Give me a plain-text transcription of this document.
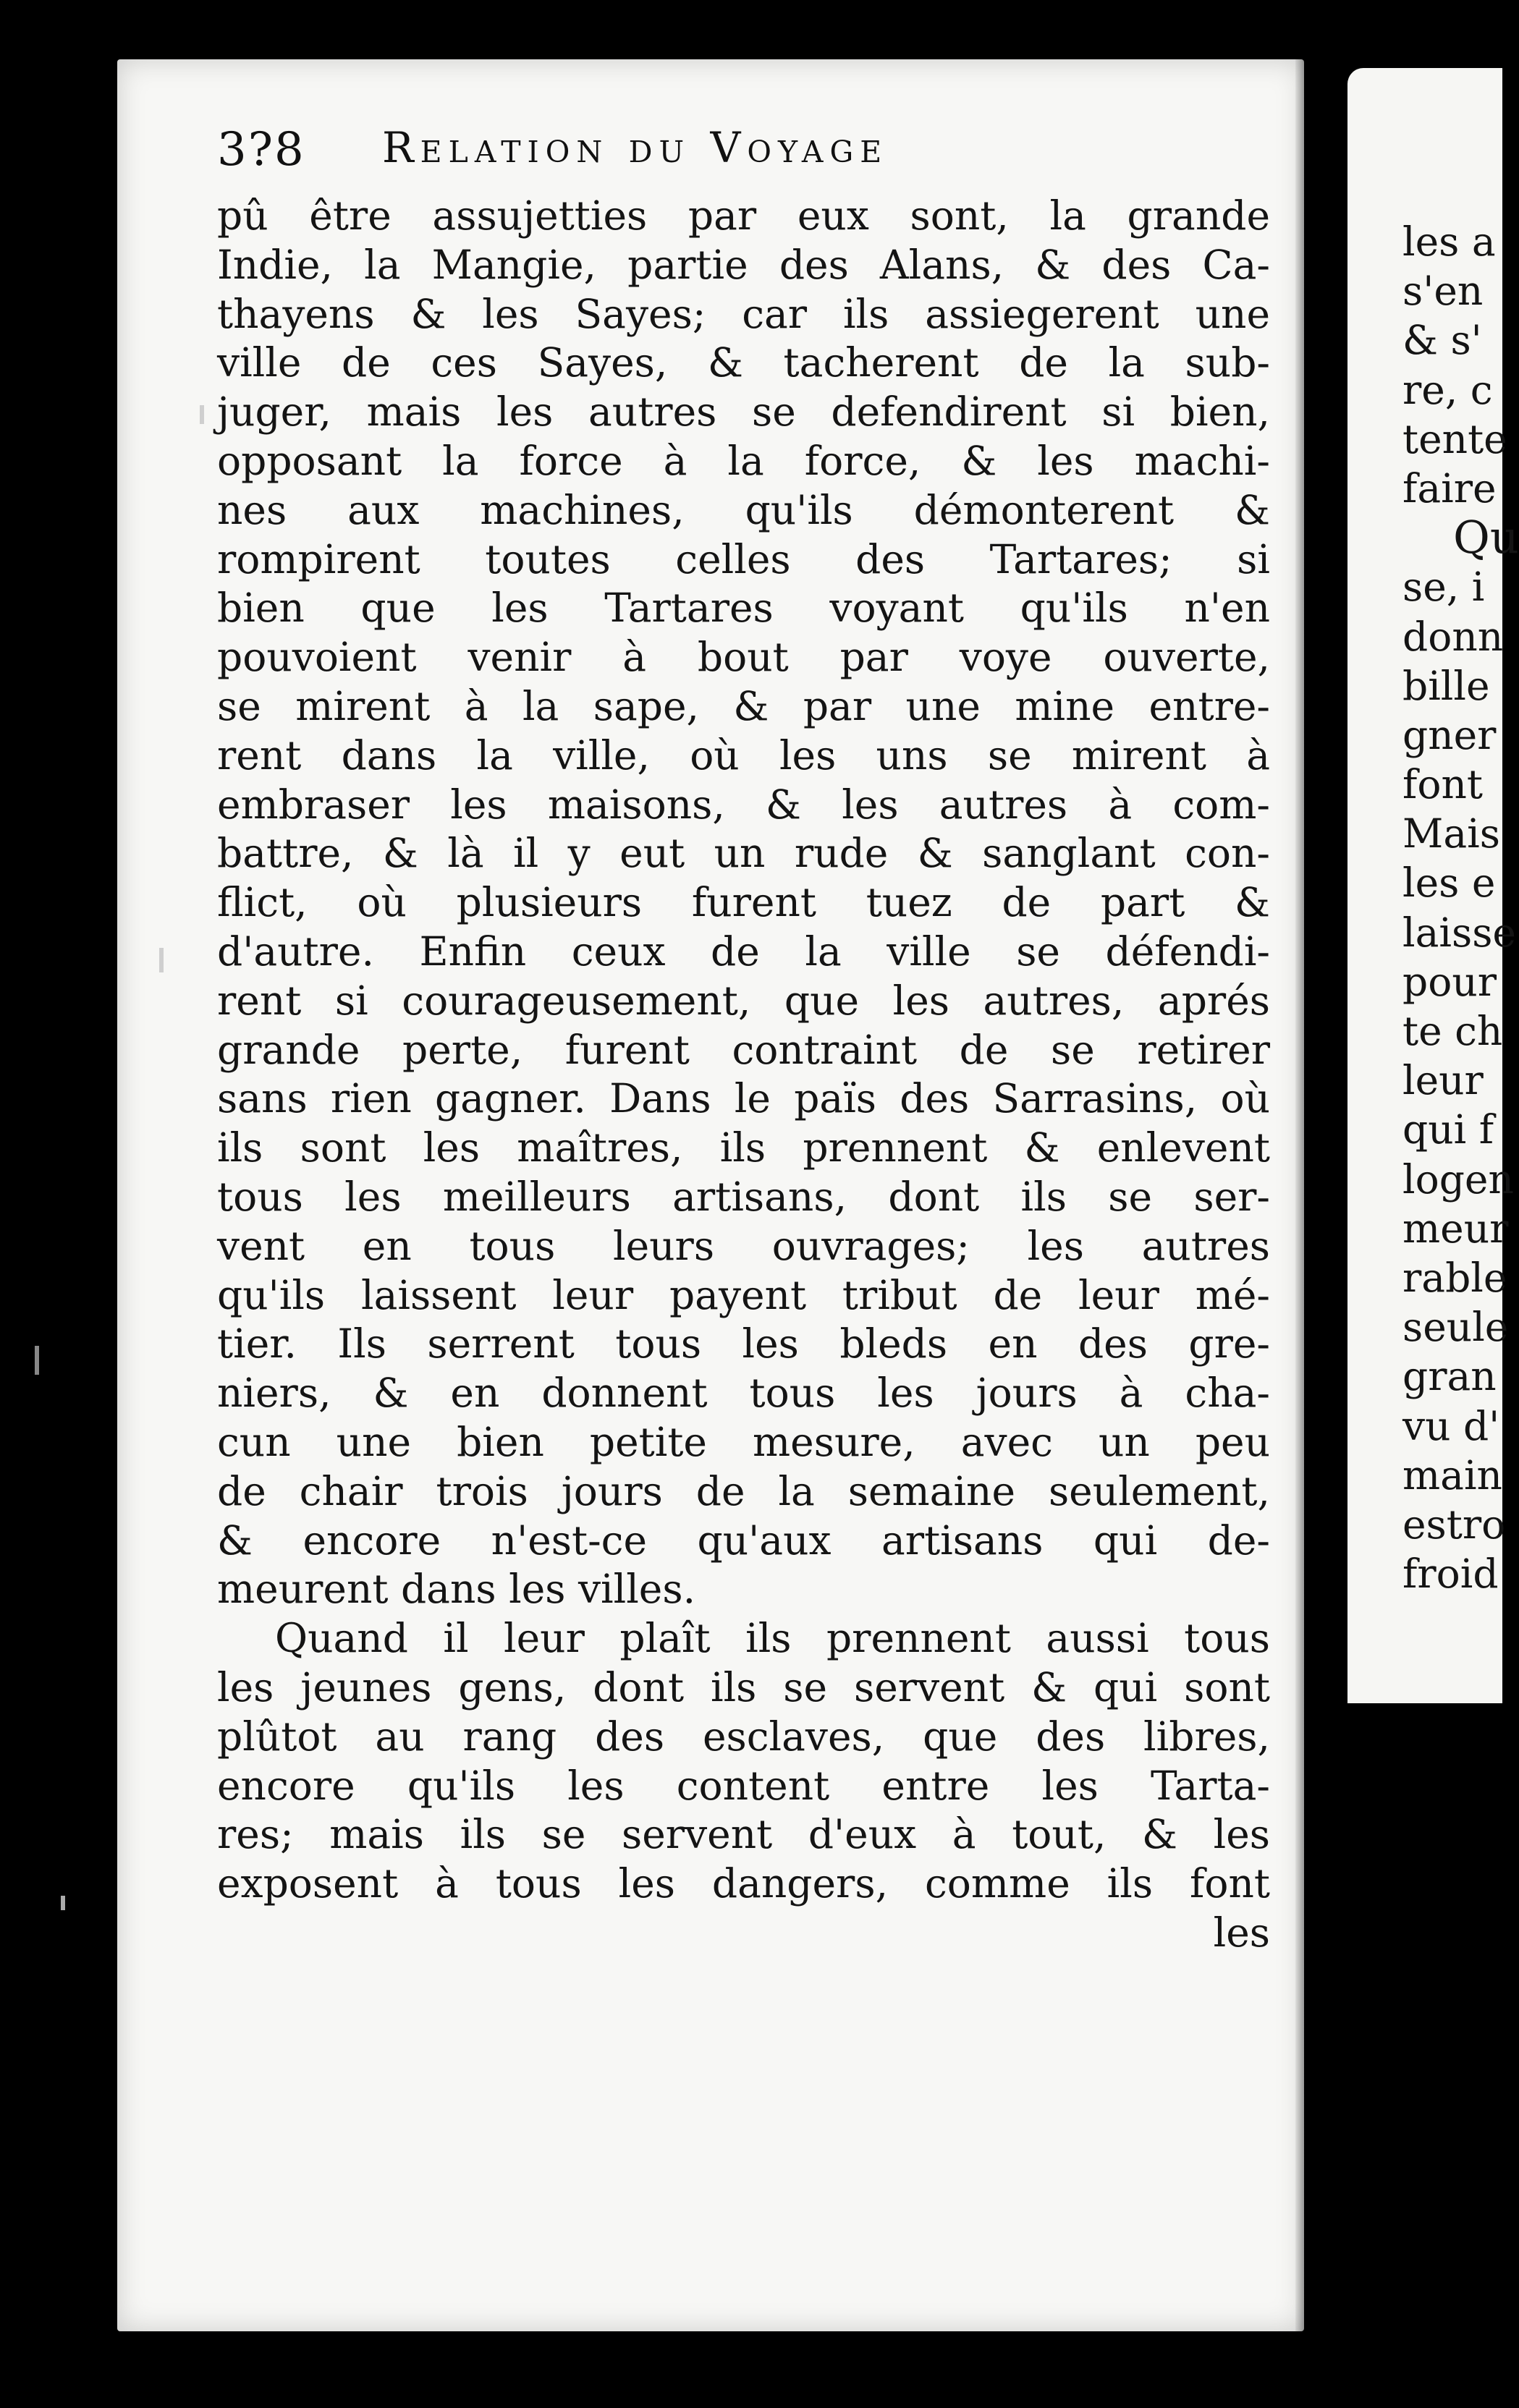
3?8 Relation du Voyage
pû être assujetties par eux sont, la grande
Indie, la Mangie, partie des Alans, & des Ca-
thayens & les Sayes; car ils assiegerent une
ville de ces Sayes, & tacherent de la sub-
juger, mais les autres se defendirent si bien,
opposant la force à la force, & les machi-
nes aux machines, qu'ils démonterent &
rompirent toutes celles des Tartares; si
bien que les Tartares voyant qu'ils n'en
pouvoient venir à bout par voye ouverte,
se mirent à la sape, & par une mine entre-
rent dans la ville, où les uns se mirent à
embraser les maisons, & les autres à com-
battre, & là il y eut un rude & sanglant con-
flict, où plusieurs furent tuez de part &
d'autre. Enfin ceux de la ville se défendi-
rent si courageusement, que les autres, aprés
grande perte, furent contraint de se retirer
sans rien gagner. Dans le païs des Sarrasins, où
ils sont les maîtres, ils prennent & enlevent
tous les meilleurs artisans, dont ils se ser-
vent en tous leurs ouvrages; les autres
qu'ils laissent leur payent tribut de leur mé-
tier. Ils serrent tous les bleds en des gre-
niers, & en donnent tous les jours à cha-
cun une bien petite mesure, avec un peu
de chair trois jours de la semaine seulement,
& encore n'est-ce qu'aux artisans qui de-
meurent dans les villes.
Quand il leur plaît ils prennent aussi tous
les jeunes gens, dont ils se servent & qui sont
plûtot au rang des esclaves, que des libres,
encore qu'ils les content entre les Tarta-
res; mais ils se servent d'eux à tout, & les
exposent à tous les dangers, comme ils font
les
les a
s'en
& s'
re, c
tente
faire
Qu
se, i
donn
bille
gner
font
Mais
les e
laisse
pour
te ch
leur
qui f
logen
meur
rable
seule
gran
vu d'
main
estro
froid
